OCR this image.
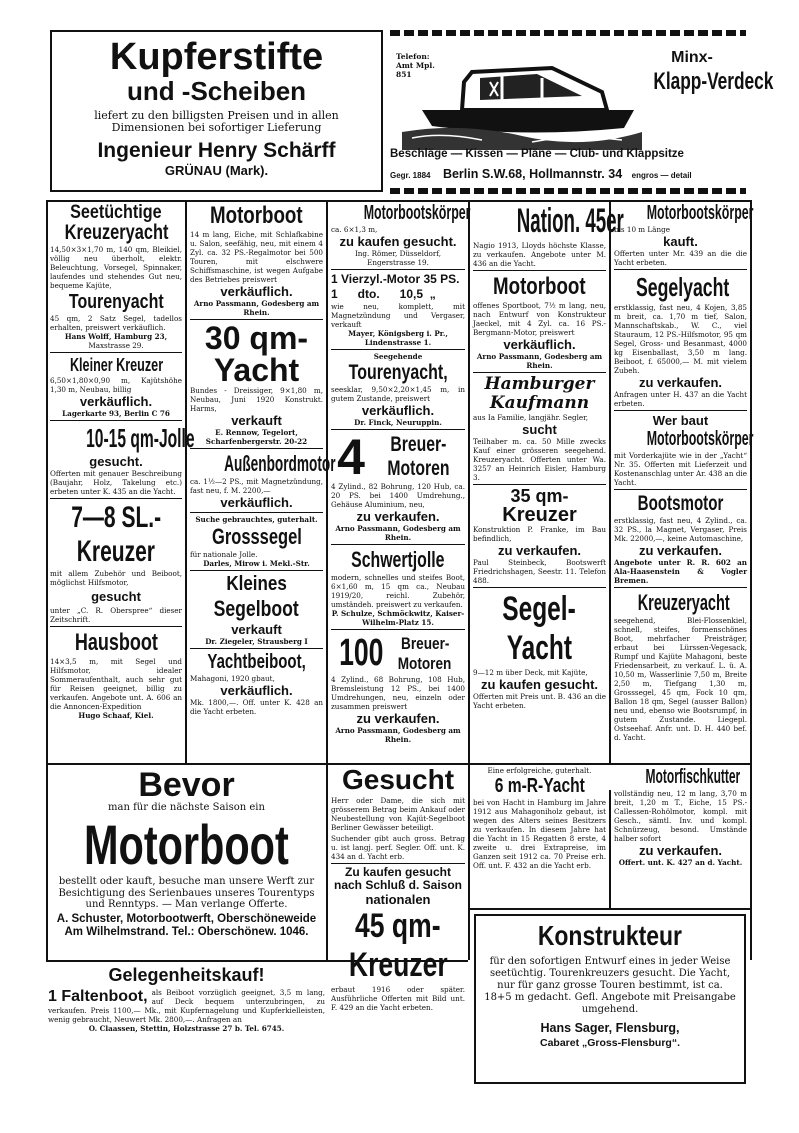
Kupferstifte
und -Scheiben
liefert zu den billigsten Preisen und in allen Dimensionen bei sofortiger Lieferung
Ingenieur Henry Schärff
GRÜNAU (Mark).
Telefon:
Amt Mpl.
851
Minx-
Klapp-Verdeck
Beschläge — Kissen — Pläne — Club- und Klappsitze
Gegr. 1884 Berlin S.W.68, Hollmannstr. 34 engros — detail
Seetüchtige
Kreuzeryacht
14,50×3×1,70 m, 140 qm, Bleikiel, völlig neu überholt, elektr. Beleuchtung, Vorsegel, Spinnaker, laufendes und stehendes Gut neu, bequeme Kajüte,
Tourenyacht
45 qm, 2 Satz Segel, tadellos erhalten, preiswert verkäuflich.
Hans Wolff, Hamburg 23,
Maxstrasse 29.
Kleiner Kreuzer
6,50×1,80×0,90 m, Kajütshöhe 1,30 m, Neubau, billig
verkäuflich.
Lagerkarte 93, Berlin C 76
10-15 qm-Jolle
gesucht.
Offerten mit genauer Beschreibung (Baujahr, Holz, Takelung etc.) erbeten unter K. 435 an die Yacht.
7—8 SL.-
Kreuzer
mit allem Zubehör und Beiboot, möglichst Hilfsmotor,
gesucht
unter „C. R. Oberspree“ dieser Zeitschrift.
Hausboot
14×3,5 m, mit Segel und Hilfsmotor, idealer Sommeraufenthalt, auch sehr gut für Reisen geeignet, billig zu verkaufen. Angebote unt. A. 606 an die Annoncen-Expedition
Hugo Schaaf, Kiel.
Motorboot
14 m lang, Eiche, mit Schlafkabine u. Salon, seefähig, neu, mit einem 4 Zyl. ca. 32 PS.-Regalmotor bei 500 Touren, mit elschwere Schiffsmaschine, ist wegen Aufgabe des Betriebes preiswert
verkäuflich.
Arno Passmann, Godesberg am Rhein.
30 qm-
Yacht
Bundes - Dreissiger, 9×1,80 m, Neubau, Juni 1920 Konstrukt. Harms,
verkauft
E. Rennow, Tegelort, Scharfenbergerstr. 20-22
Außenbordmotor
ca. 1½—2 PS., mit Magnetzündung, fast neu, f. M. 2200,—
verkäuflich.
Suche gebrauchtes, guterhalt.
Grosssegel
für nationale Jolle.
Darles, Mirow i. Mekl.-Str.
Kleines
Segelboot
verkauft
Dr. Ziegeler, Strausberg I
Yachtbeiboot,
Mahagoni, 1920 gbaut,
verkäuflich.
Mk. 1800,—. Off. unter K. 428 an die Yacht erbeten.
Motorbootskörper
ca. 6×1,3 m,
zu kaufen gesucht.
Ing. Römer, Düsseldorf, Engerstrasse 19.
1 Vierzyl.-Motor 35 PS.
1      dto.      10,5  „
wie neu, komplett, mit Magnetzündung und Vergaser, verkauft
Mayer, Königsberg i. Pr., Lindenstrasse 1.
Seegehende
Tourenyacht,
seesklar, 9,50×2,20×1,45 m, in gutem Zustande, preiswert
verkäuflich.
Dr. Finck, Neuruppin.
4	Breuer-
Motoren
4 Zylind., 82 Bohrung, 120 Hub, ca. 20 PS. bei 1400 Umdrehung., Gehäuse Aluminium, neu,
zu verkaufen.
Arno Passmann, Godesberg am Rhein.
Schwertjolle
modern, schnelles und steifes Boot, 6×1,60 m, 15 qm ca., Neubau 1919/20, reichl. Zubehör, umständeh. preiswert zu verkaufen.
P. Schulze, Schmöckwitz, Kaiser-Wilhelm-Platz 15.
100	Breuer-
Motoren
4 Zylind., 68 Bohrung, 108 Hub, Bremsleistung 12 PS., bei 1400 Umdrehungen, neu, einzeln oder zusammen preiswert
zu verkaufen.
Arno Passmann, Godesberg am Rhein.
Nation. 45er
Nagio 1913, Lloyds höchste Klasse, zu verkaufen. Angebote unter M. 436 an die Yacht.
Motorboot
offenes Sportboot, 7½ m lang, neu, nach Entwurf von Konstrukteur Jaeckel, mit 4 Zyl. ca. 16 PS.-Bergmann-Motor, preiswert
verkäuflich.
Arno Passmann, Godesberg am Rhein.
Hamburger
Kaufmann
aus Ia Familie, langjähr. Segler,
sucht
Teilhaber m. ca. 50 Mille zwecks Kauf einer grösseren seegehend. Kreuzeryacht. Offerten unter Wa. 3257 an Heinrich Eisler, Hamburg 3.
35 qm-
Kreuzer
Konstruktion P. Franke, im Bau befindlich,
zu verkaufen.
Paul Steinbeck, Bootswerft Friedrichshagen, Seestr. 11. Telefon 488.
Segel-
Yacht
9—12 m über Deck, mit Kajüte,
zu kaufen gesucht.
Offerten mit Preis unt. B. 436 an die Yacht erbeten.
Motorbootskörper
bis 10 m Länge
kauft.
Offerten unter Mr. 439 an die die Yacht erbeten.
Segelyacht
erstklassig, fast neu, 4 Kojen, 3,85 m breit, ca. 1,70 m tief, Salon, Mannschaftskab., W. C., viel Stauraum, 12 PS.-Hilfsmotor, 95 qm Segel, Gross- und Besanmast, 4000 kg Eisenballast, 3,50 m lang. Beiboot, f. 65000,— M. mit vielem Zubeh.
zu verkaufen.
Anfragen unter H. 437 an die Yacht erbeten.
Wer baut
Motorbootskörper
mit Vorderkajüte wie in der „Yacht“ Nr. 35. Offerten mit Lieferzeit und Kostenanschlag unter Ar. 438 an die Yacht.
Bootsmotor
erstklassig, fast neu, 4 Zylind., ca. 32 PS., la Magnet, Vergaser, Preis Mk. 22000,—, keine Automaschine,
zu verkaufen.
Angebote unter R. R. 602 an Ala-Haasenstein & Vogler Bremen.
Kreuzeryacht
seegehend, Blei-Flossenkiel, schnell, steifes, formenschönes Boot, mehrfacher Preisträger, erbaut bei Lürssen-Vegesack, Rumpf und Kajüte Mahagoni, beste Friedensarbeit, zu verkauf. L. ü. A. 10,50 m, Wasserlinie 7,50 m, Breite 2,50 m, Tiefgang 1,30 m, Grosssegel, 45 qm, Fock 10 qm, Ballon 18 qm, Segel (ausser Ballon) neu und, ebenso wie Bootsrumpf, in gutem Zustande. Liegepl. Ostseehaf. Anfr. unt. D. H. 440 bef. d. Yacht.
Bevor
man für die nächste Saison ein
Motorboot
bestellt oder kauft, besuche man unsere Werft zur Besichtigung des Serienbaues unseres Tourentyps und Renntyps. — Man verlange Offerte.
A. Schuster, Motorbootwerft, Oberschöneweide
Am Wilhelmstrand. Tel.: Oberschönew. 1046.
Gelegenheitskauf!
1 Faltenboot, als Beiboot vorzüglich geeignet, 3,5 m lang, auf Deck bequem unterzubringen, zu verkaufen. Preis 1100,— Mk., mit Kupfernagelung und Kupferkielleisten, wenig gebraucht, Neuwert Mk. 2800,—. Anfragen an
O. Claassen, Stettin, Holzstrasse 27 b. Tel. 6745.
Gesucht
Herr oder Dame, die sich mit grösserem Betrag beim Ankauf oder Neubestellung von Kajüt-Segelboot Berliner Gewässer beteiligt.
Suchender gibt auch gross. Betrag u. ist langj. perf. Segler. Off. unt. K. 434 an d. Yacht erb.
Zu kaufen gesucht nach Schluß d. Saison
nationalen
45 qm-
Kreuzer
erbaut 1916 oder später. Ausführliche Offerten mit Bild unt. F. 429 an die Yacht erbeten.
Eine erfolgreiche, guterhalt.
6 m-R-Yacht
bei von Hacht in Hamburg im Jahre 1912 aus Mahagoniholz gebaut, ist wegen des Alters seines Besitzers zu verkaufen. In diesem Jahre hat die Yacht in 15 Regatten 8 erste, 4 zweite u. drei Extrapreise, im Ganzen seit 1912 ca. 70 Preise erh. Off. unt. F. 432 an die Yacht erb.
Motorfischkutter
vollständig neu, 12 m lang, 3,70 m breit, 1,20 m T., Eiche, 15 PS.-Callessen-Rohölmotor, kompl. mit Gesch., sämtl. Inv. und kompl. Schnürzeug, besond. Umstände halber sofort
zu verkaufen.
Offert. unt. K. 427 an d. Yacht.
Konstrukteur
für den sofortigen Entwurf eines in jeder Weise seetüchtig. Tourenkreuzers gesucht. Die Yacht, nur für ganz grosse Touren bestimmt, ist ca. 18+5 m gedacht. Gefl. Angebote mit Preisangabe umgehend.
Hans Sager, Flensburg,
Cabaret „Gross-Flensburg“.
